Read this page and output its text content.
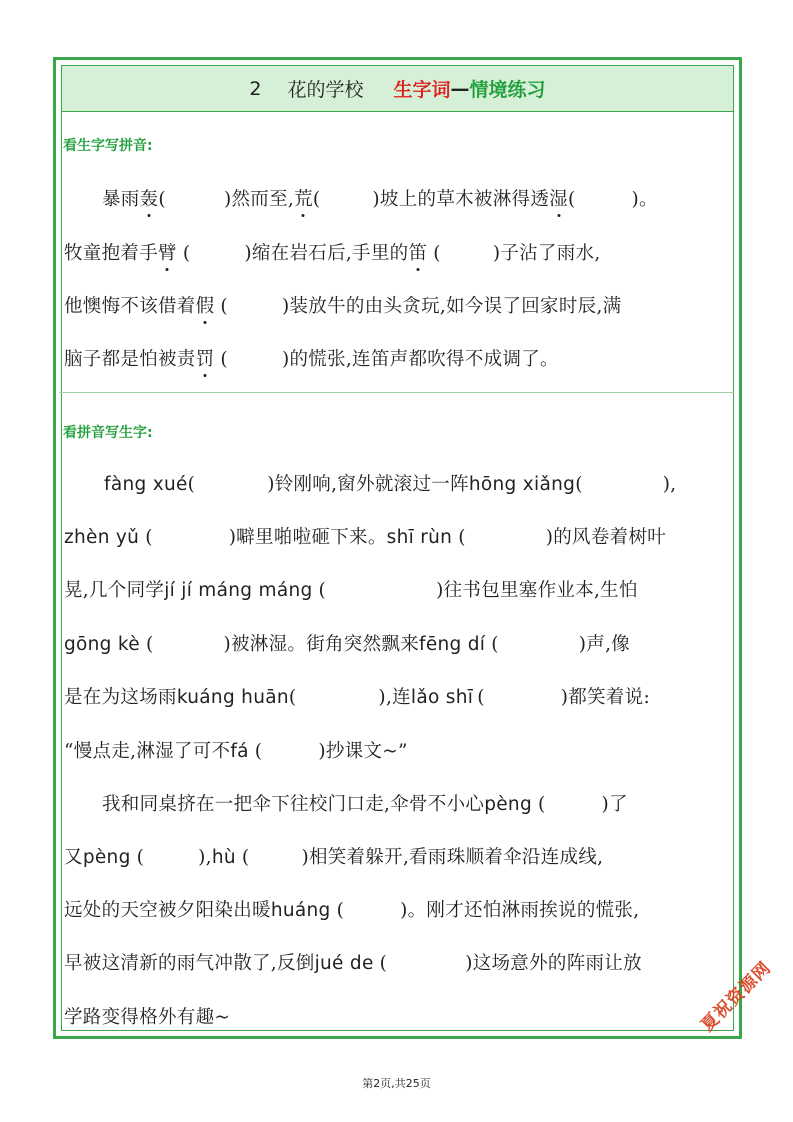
2 花的学校 生字词 — 情境练习
看生字写拼音:
暴雨轰(	)然而至,荒(	)坡上的草木被淋得透湿(	)。
牧童抱着手臂 (	)缩在岩石后,手里的笛 (	)子沾了雨水,
他懊悔不该借着假 (	)装放牛的由头贪玩,如今误了回家时辰,满
脑子都是怕被责罚 (	)的慌张,连笛声都吹得不成调了。
看拼音写生字:
fàng xué(	)铃刚响,窗外就滚过一阵hōng xiǎng(	),
zhèn yǔ (	)噼里啪啦砸下来。shī rùn (	)的风卷着树叶
晃,几个同学jí jí máng máng (	)往书包里塞作业本,生怕
gōng kè (	)被淋湿。街角突然飘来fēng dí (	)声,像
是在为这场雨kuáng huān(	),连lǎo shī (	)都笑着说:
“慢点走,淋湿了可不fá (	)抄课文~”
我和同桌挤在一把伞下往校门口走,伞骨不小心pèng (	)了
又pèng (	),hù (	)相笑着躲开,看雨珠顺着伞沿连成线,
远处的天空被夕阳染出暖huáng (	)。刚才还怕淋雨挨说的慌张,
早被这清新的雨气冲散了,反倒jué de (	)这场意外的阵雨让放
学路变得格外有趣~	夏祝资源网
第2页,共25页
